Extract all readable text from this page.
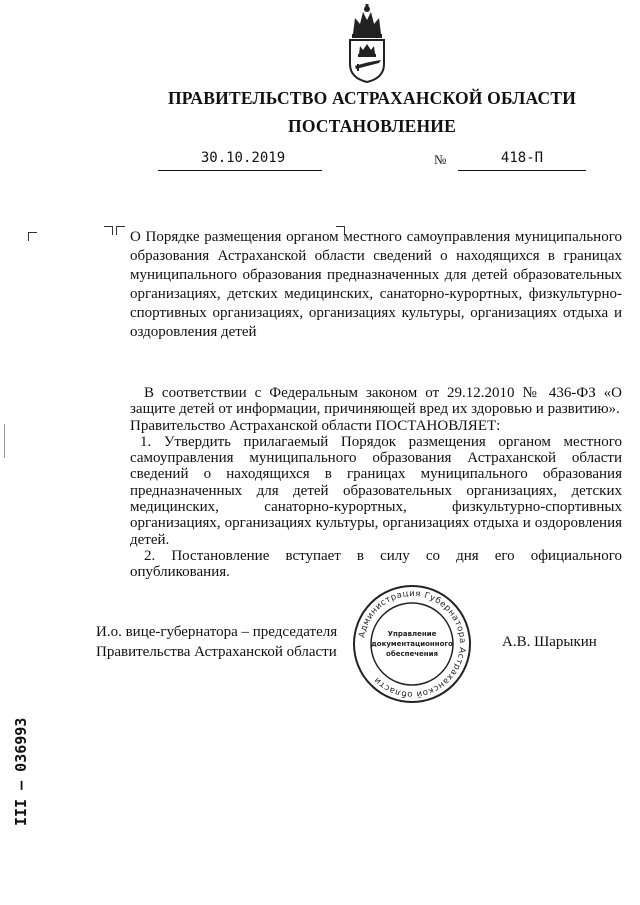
ПРАВИТЕЛЬСТВО АСТРАХАНСКОЙ ОБЛАСТИ
ПОСТАНОВЛЕНИЕ
30.10.2019	№	418-П
О Порядке размещения органом местного самоуправления муниципального образования Астраханской области сведений о находящихся в границах муниципального образования предназначенных для детей образовательных организациях, детских медицинских, санаторно-курортных, физкультурно-спортивных организациях, организациях культуры, организациях отдыха и оздоровления детей

В соответствии с Федеральным законом от 29.12.2010 № 436-ФЗ «О защите детей от информации, причиняющей вред их здоровью и развитию».

Правительство Астраханской области ПОСТАНОВЛЯЕТ:

1. Утвердить прилагаемый Порядок размещения органом местного самоуправления муниципального образования Астраханской области сведений о находящихся в границах муниципального образования предназначенных для детей образовательных организациях, детских медицинских, санаторно-курортных, физкультурно-спортивных организациях, организациях культуры, организациях отдыха и оздоровления детей.

2. Постановление вступает в силу со дня его официального опубликования.

И.о. вице-губернатора – председателя
Правительства Астраханской области
А.В. Шарыкин
Администрация Губернатора Астраханской области
Управление
документационного
обеспечения
III – 036993
